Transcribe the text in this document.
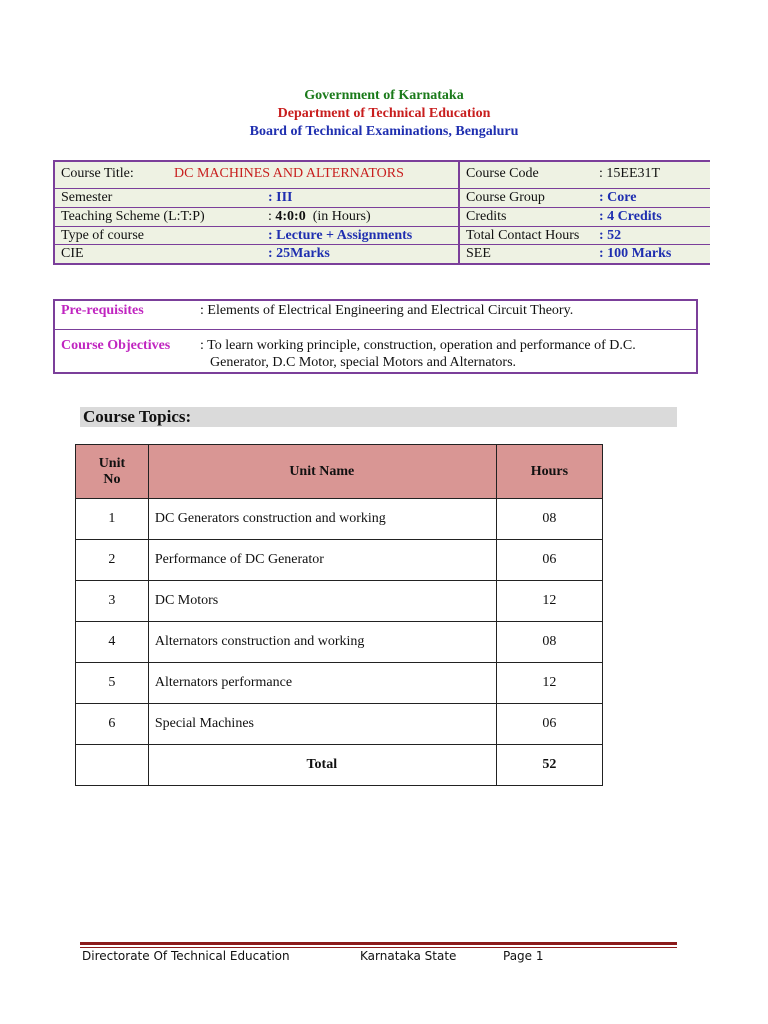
Government of Karnataka
Department of Technical Education
Board of Technical Examinations, Bengaluru
Course Title:	DC MACHINES AND ALTERNATORS
Semester	: III
Teaching Scheme (L:T:P)	: 4:0:0  (in Hours)
Type of course	: Lecture + Assignments
CIE	: 25Marks
Course Code	: 15EE31T
Course Group	: Core
Credits	: 4 Credits
Total Contact Hours : 52
SEE	: 100 Marks
Pre-requisites	: Elements of Electrical Engineering and Electrical Circuit Theory.
Course Objectives : To learn working principle, construction, operation and performance of D.C.
Generator, D.C Motor, special Motors and Alternators.
Course Topics:
Unit
No	Unit Name	Hours
1	DC Generators construction and working	08
2	Performance of DC Generator	06
3	DC Motors	12
4	Alternators construction and working	08
5	Alternators performance	12
6	Special Machines	06
	Total	52
Directorate Of Technical Education	Karnataka State	Page 1
